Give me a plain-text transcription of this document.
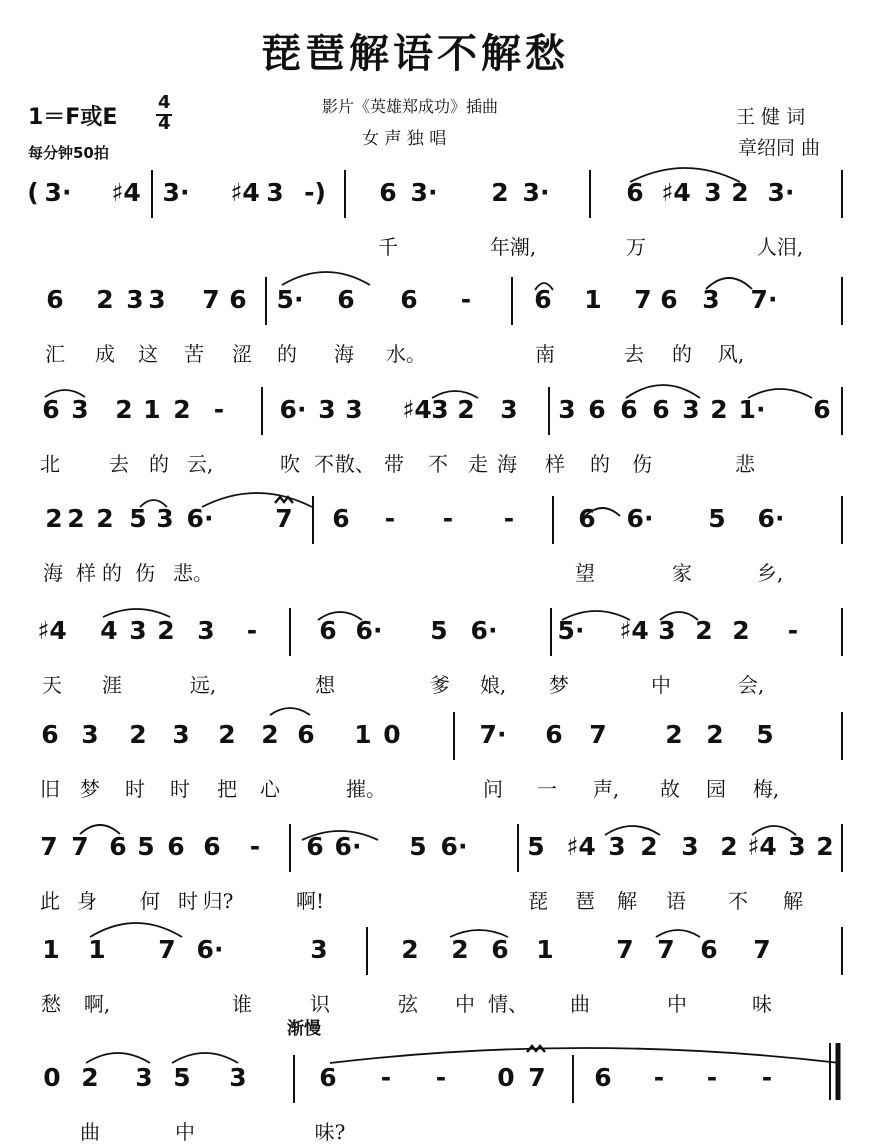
琵琶解语不解愁
1＝F或E
4
4
每分钟50拍
影片《英雄郑成功》插曲
女 声 独 唱
王 健 词
章绍同 曲
渐慢
( 3· ♯4 3· ♯4 3 -) 6 3· 2 3·	6 ♯4 3 2 3·
千	年潮,	万	人泪,
6 2 3 3 7 6 5· 6 6 -	6 1 7 6 3 7·
汇 成 这 苦 涩 的 海 水。	南	去 的 风,
6 3 2 1 2 - 6· 3 3 ♯4 3 2 3 3 6 6 6 3 2 1· 6
北 去 的 云,	吹 不 散、 带 不 走 海 样 的 伤	悲
2 2 2 5 3 6· 7 6 - - -	6 6· 5 6·
海 样 的 伤 悲。	望	家	乡,
♯4 4 3 2 3 - 6 6· 5 6· 5· ♯4 3 2 2 -
天 涯	远,	想	爹 娘, 梦	中	会,
6 3 2 3 2 2 6 1 0	7· 6 7 2 2 5
旧 梦 时 时 把 心	摧。	问 一 声, 故 园 梅,
7 7 6 5 6 6 - 6 6· 5 6· 5 ♯4 3 2 3 2 ♯4 3 2
此 身 何 时 归?	啊!	琵 琶 解 语 不 解
1 1 7 6·	3	2 2 6 1	7 7 6 7
愁 啊,	谁	识	弦 中 情、 曲	中	味
0 2 3 5 3	6 - - 0 7 6 - - -
曲	中	味?
